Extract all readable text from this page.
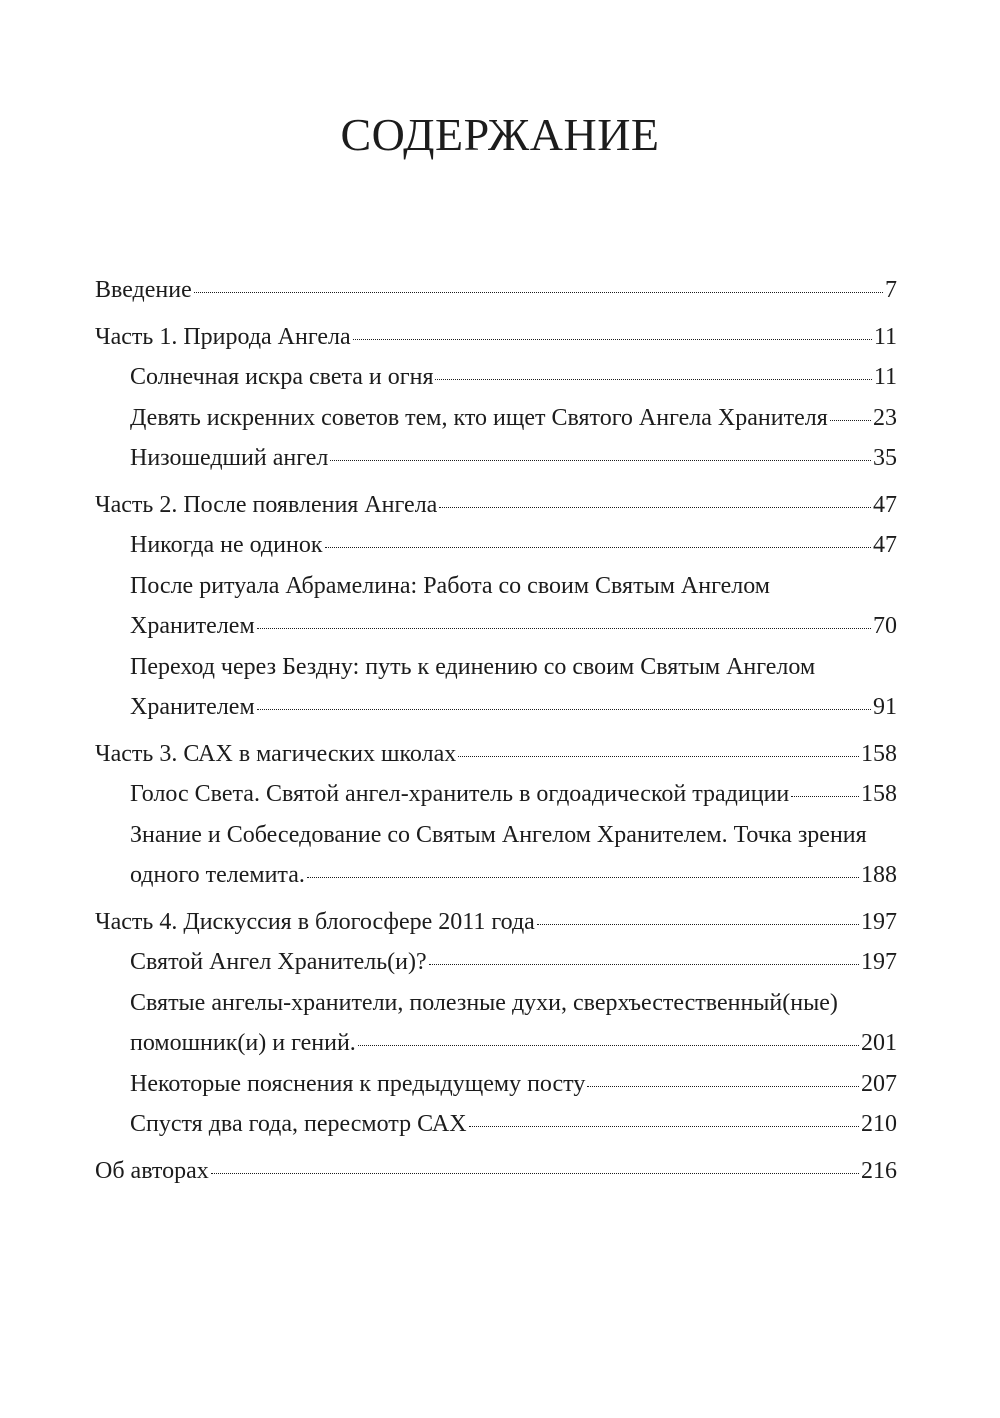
СОДЕРЖАНИЕ
Введение	7
Часть 1. Природа Ангела	11
Солнечная искра света и огня	11
Девять искренних советов тем, кто ищет Святого Ангела Хранителя 23
Низошедший ангел	35
Часть 2. После появления Ангела	47
Никогда не одинок	47
После ритуала Абрамелина: Работа со своим Святым Ангелом
Хранителем	70
Переход через Бездну: путь к единению со своим Святым Ангелом
Хранителем	91
Часть 3. САХ в магических школах	158
Голос Света. Святой ангел-хранитель в огдоадической традиции	158
Знание и Собеседование со Святым Ангелом Хранителем. Точка зрения
одного телемита.	188
Часть 4. Дискуссия в блогосфере 2011 года	197
Святой Ангел Хранитель(и)?	197
Святые ангелы-хранители, полезные духи, сверхъестественный(ные)
помошник(и) и гений.	201
Некоторые пояснения к предыдущему посту	207
Спустя два года, пересмотр САХ	210
Об авторах	216
